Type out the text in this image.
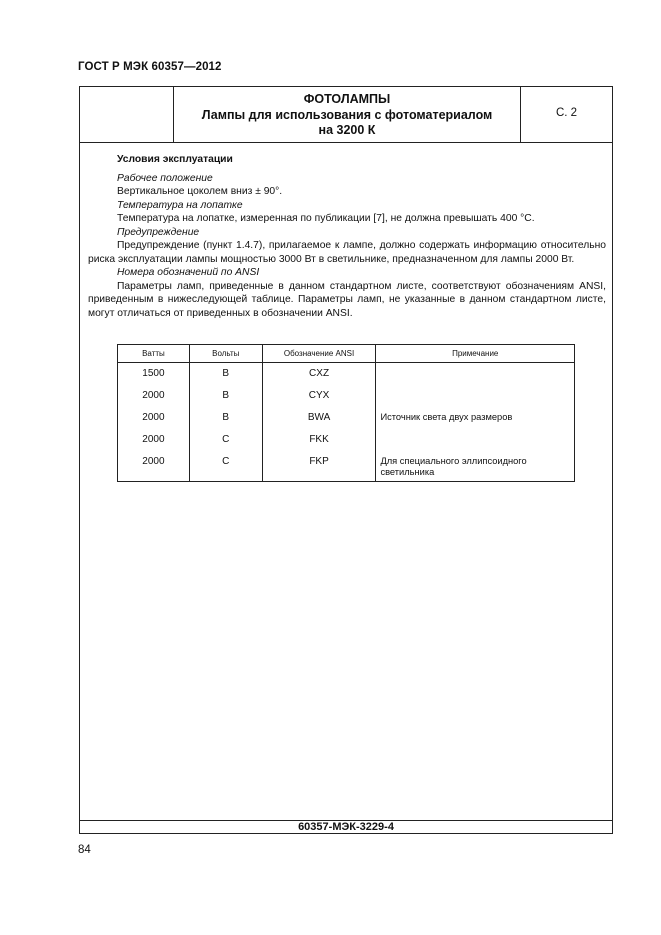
ГОСТ Р МЭК 60357—2012
ФОТОЛАМПЫ
Лампы для использования с фотоматериалом
на 3200 К
С. 2
Условия эксплуатации
Рабочее положение
Вертикальное цоколем вниз ± 90°.
Температура на лопатке
Температура на лопатке, измеренная по публикации [7], не должна превышать 400 °С.
Предупреждение
Предупреждение (пункт 1.4.7), прилагаемое к лампе, должно содержать информацию относительно риска эксплуатации лампы мощностью 3000 Вт в светильнике, предназначенном для лампы 2000 Вт.
Номера обозначений по ANSI
Параметры ламп, приведенные в данном стандартном листе, соответствуют обозначениям ANSI, приведенным в нижеследующей таблице. Параметры ламп, не указанные в данном стандартном листе, могут отличаться от приведенных в обозначении ANSI.
Ватты	Вольты	Обозначение ANSI	Примечание
1500	B	CXZ	
2000	B	CYX	
2000	B	BWA	Источник света двух размеров
2000	C	FKK	
2000	C	FKP	Для специального эллипсоидного светильника
60357-МЭК-3229-4
84
